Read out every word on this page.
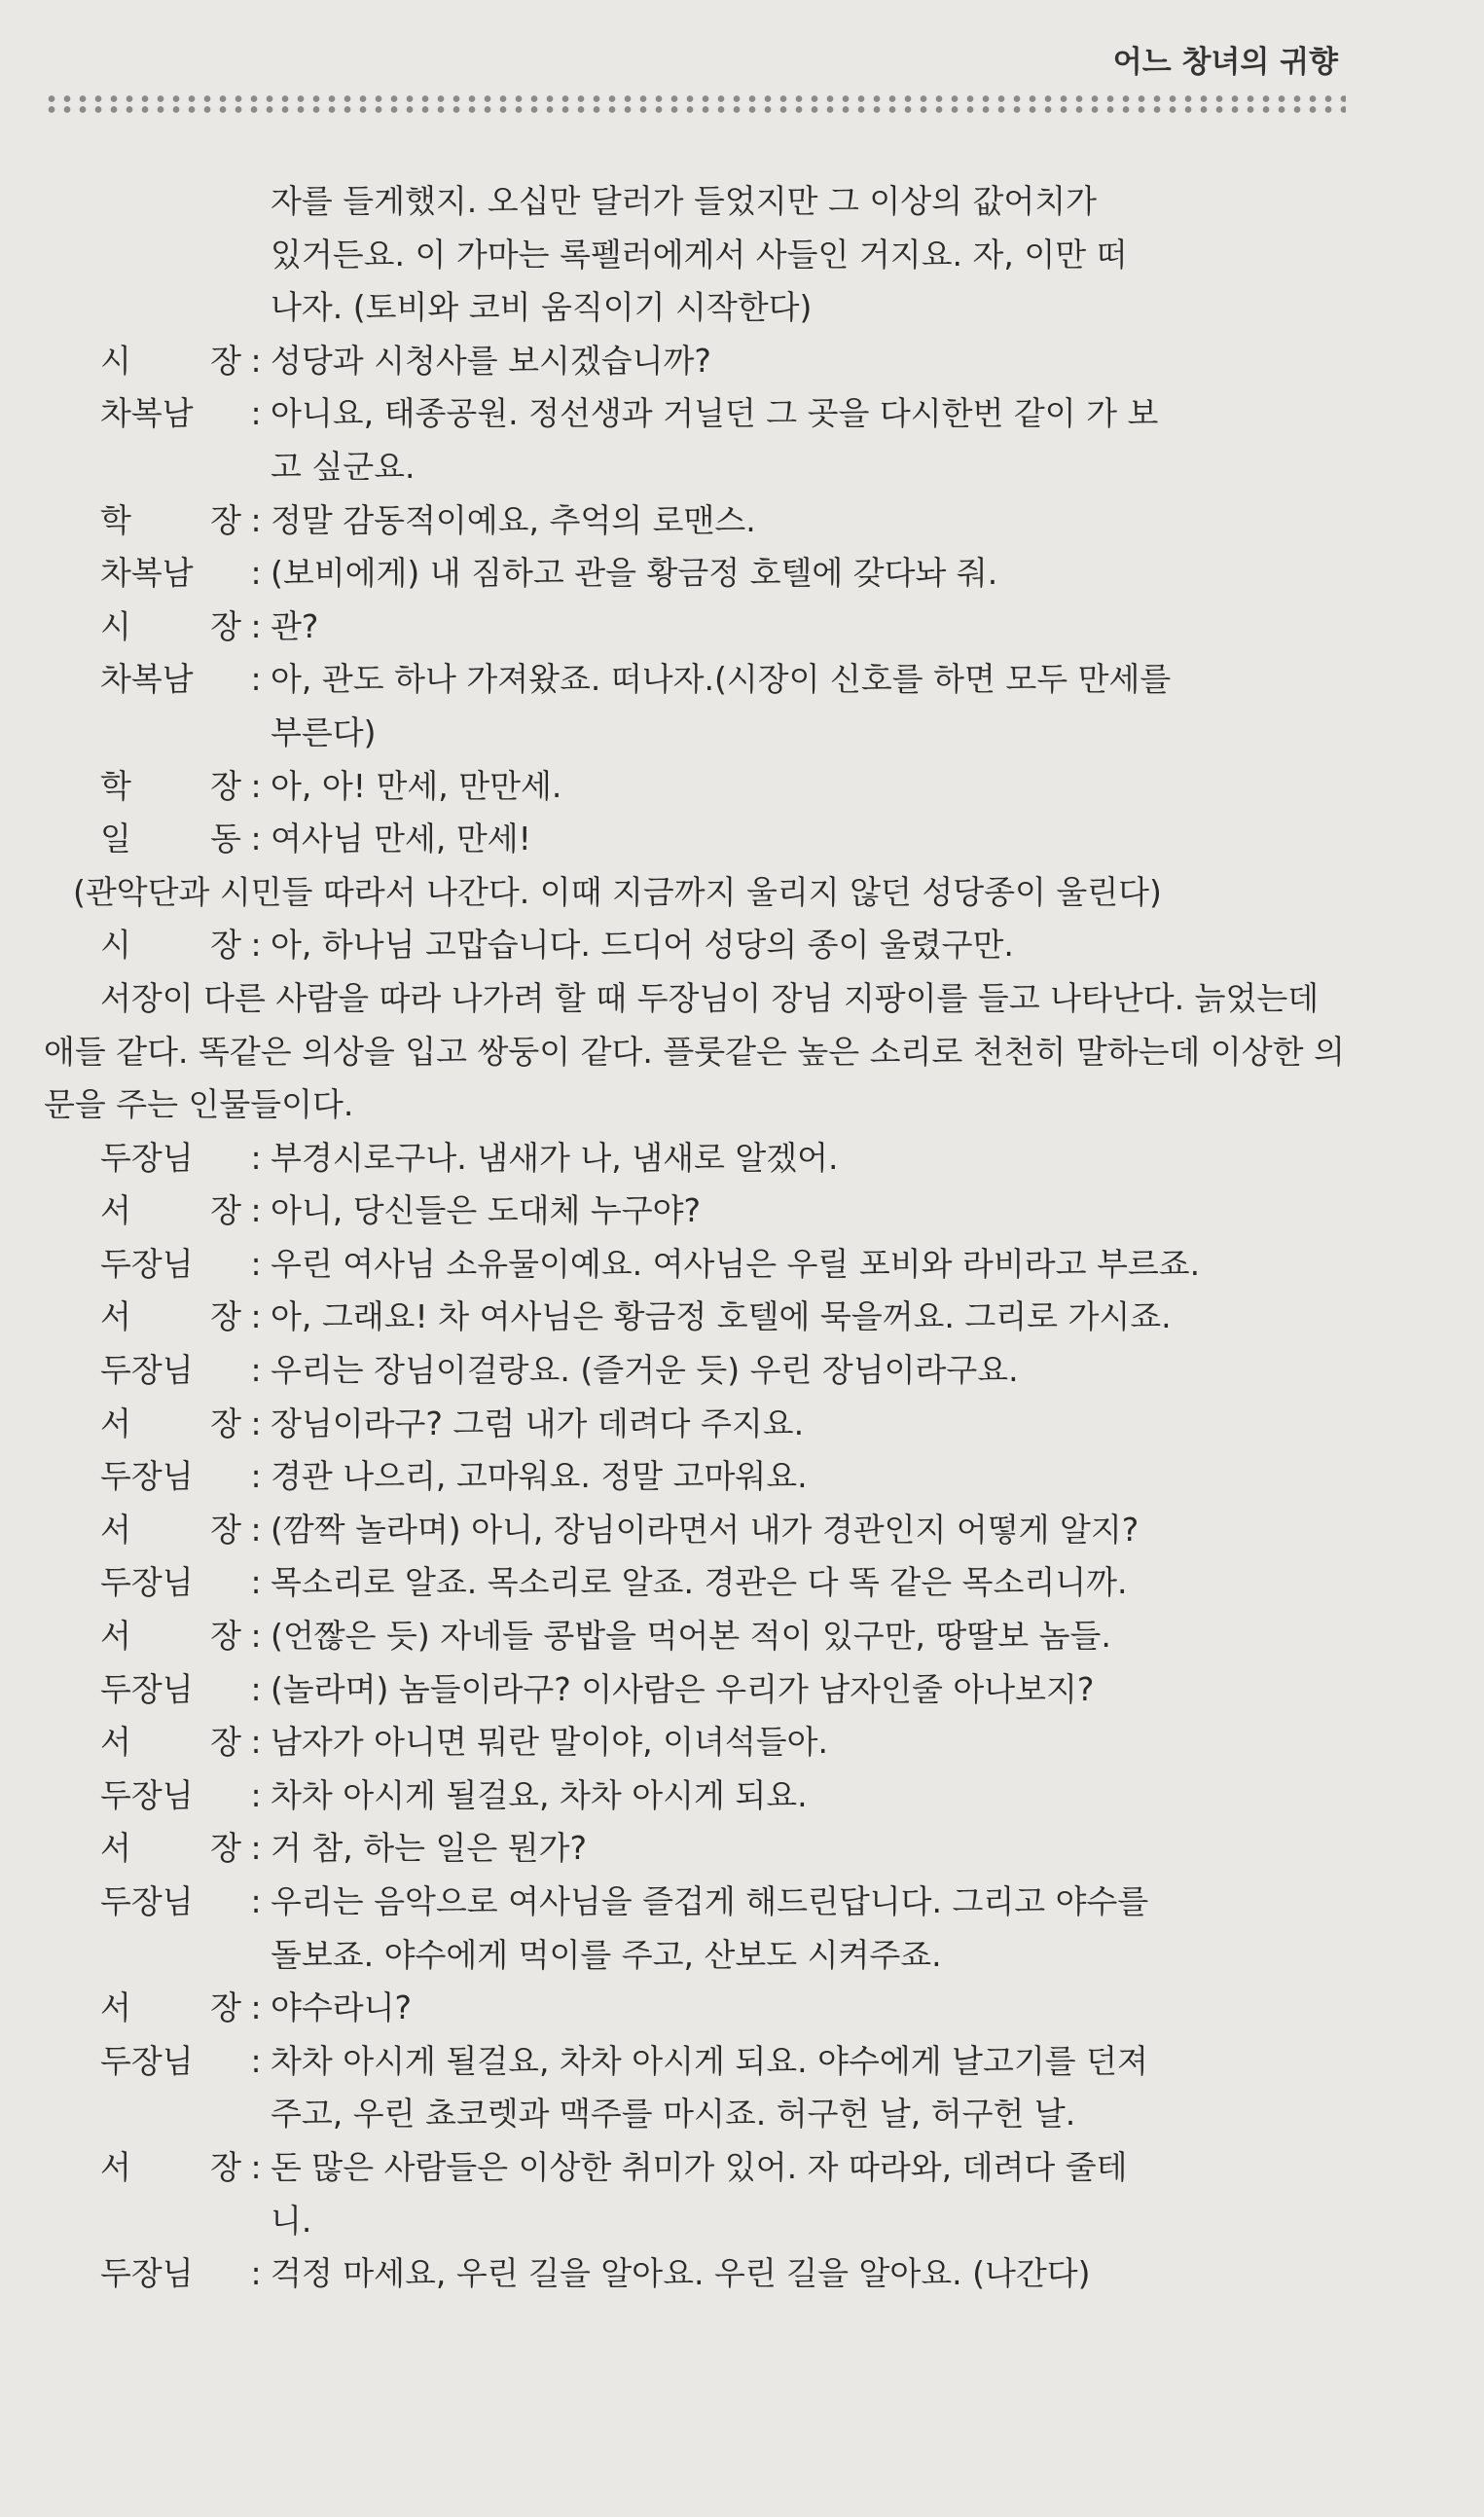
어느 창녀의 귀향
자를 들게했지. 오십만 달러가 들었지만 그 이상의 값어치가
있거든요. 이 가마는 록펠러에게서 사들인 거지요. 자, 이만 떠
나자. (토비와 코비 움직이기 시작한다)
시 장 : 성당과 시청사를 보시겠습니까?
차복남 : 아니요, 태종공원. 정선생과 거닐던 그 곳을 다시한번 같이 가 보
고 싶군요.
학 장 : 정말 감동적이예요, 추억의 로맨스.
차복남 : (보비에게) 내 짐하고 관을 황금정 호텔에 갖다놔 줘.
시 장 : 관?
차복남 : 아, 관도 하나 가져왔죠. 떠나자.(시장이 신호를 하면 모두 만세를
부른다)
학 장 : 아, 아! 만세, 만만세.
일 동 : 여사님 만세, 만세!

(관악단과 시민들 따라서 나간다. 이때 지금까지 울리지 않던 성당종이 울린다)

시 장 : 아, 하나님 고맙습니다. 드디어 성당의 종이 울렸구만.

서장이 다른 사람을 따라 나가려 할 때 두장님이 장님 지팡이를 들고 나타난다. 늙었는데 애들 같다. 똑같은 의상을 입고 쌍둥이 같다. 플룻같은 높은 소리로 천천히 말하는데 이상한 의문을 주는 인물들이다.

두장님 : 부경시로구나. 냄새가 나, 냄새로 알겠어.
서 장 : 아니, 당신들은 도대체 누구야?
두장님 : 우린 여사님 소유물이예요. 여사님은 우릴 포비와 라비라고 부르죠.
서 장 : 아, 그래요! 차 여사님은 황금정 호텔에 묵을꺼요. 그리로 가시죠.
두장님 : 우리는 장님이걸랑요. (즐거운 듯) 우린 장님이라구요.
서 장 : 장님이라구? 그럼 내가 데려다 주지요.
두장님 : 경관 나으리, 고마워요. 정말 고마워요.
서 장 : (깜짝 놀라며) 아니, 장님이라면서 내가 경관인지 어떻게 알지?
두장님 : 목소리로 알죠. 목소리로 알죠. 경관은 다 똑 같은 목소리니까.
서 장 : (언짢은 듯) 자네들 콩밥을 먹어본 적이 있구만, 땅딸보 놈들.
두장님 : (놀라며) 놈들이라구? 이사람은 우리가 남자인줄 아나보지?
서 장 : 남자가 아니면 뭐란 말이야, 이녀석들아.
두장님 : 차차 아시게 될걸요, 차차 아시게 되요.
서 장 : 거 참, 하는 일은 뭔가?
두장님 : 우리는 음악으로 여사님을 즐겁게 해드린답니다. 그리고 야수를
돌보죠. 야수에게 먹이를 주고, 산보도 시켜주죠.
서 장 : 야수라니?
두장님 : 차차 아시게 될걸요, 차차 아시게 되요. 야수에게 날고기를 던져
주고, 우린 쵸코렛과 맥주를 마시죠. 허구헌 날, 허구헌 날.
서 장 : 돈 많은 사람들은 이상한 취미가 있어. 자 따라와, 데려다 줄테
니.
두장님 : 걱정 마세요, 우린 길을 알아요. 우린 길을 알아요. (나간다)
